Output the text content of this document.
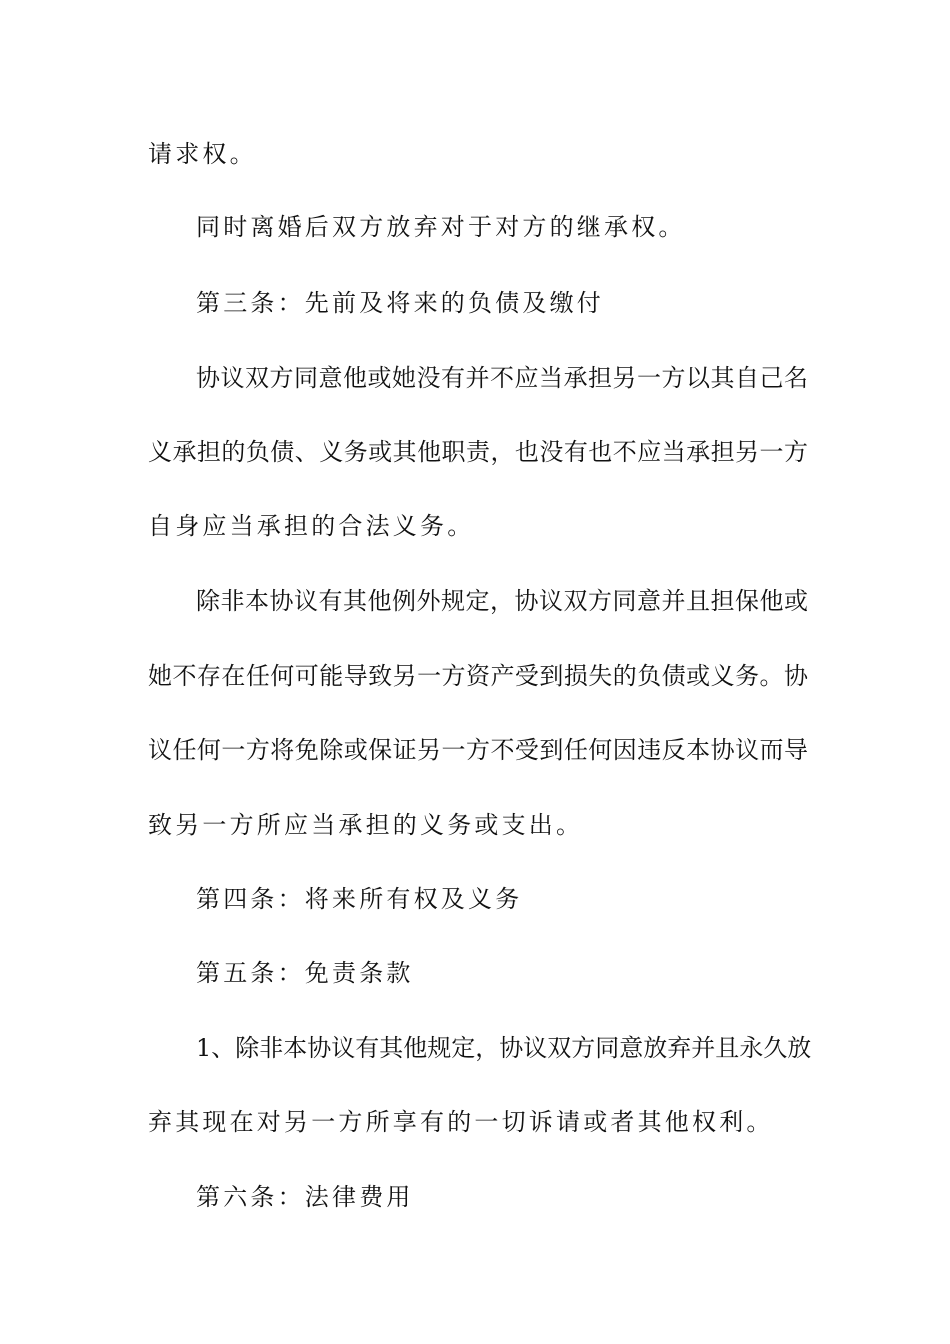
请求权。
同时离婚后双方放弃对于对方的继承权。
第三条：先前及将来的负债及缴付
协议双方同意他或她没有并不应当承担另一方以其自己名
义承担的负债、义务或其他职责，也没有也不应当承担另一方
自身应当承担的合法义务。
除非本协议有其他例外规定，协议双方同意并且担保他或
她不存在任何可能导致另一方资产受到损失的负债或义务。协
议任何一方将免除或保证另一方不受到任何因违反本协议而导
致另一方所应当承担的义务或支出。
第四条：将来所有权及义务
第五条：免责条款
1、除非本协议有其他规定，协议双方同意放弃并且永久放
弃其现在对另一方所享有的一切诉请或者其他权利。
第六条：法律费用
